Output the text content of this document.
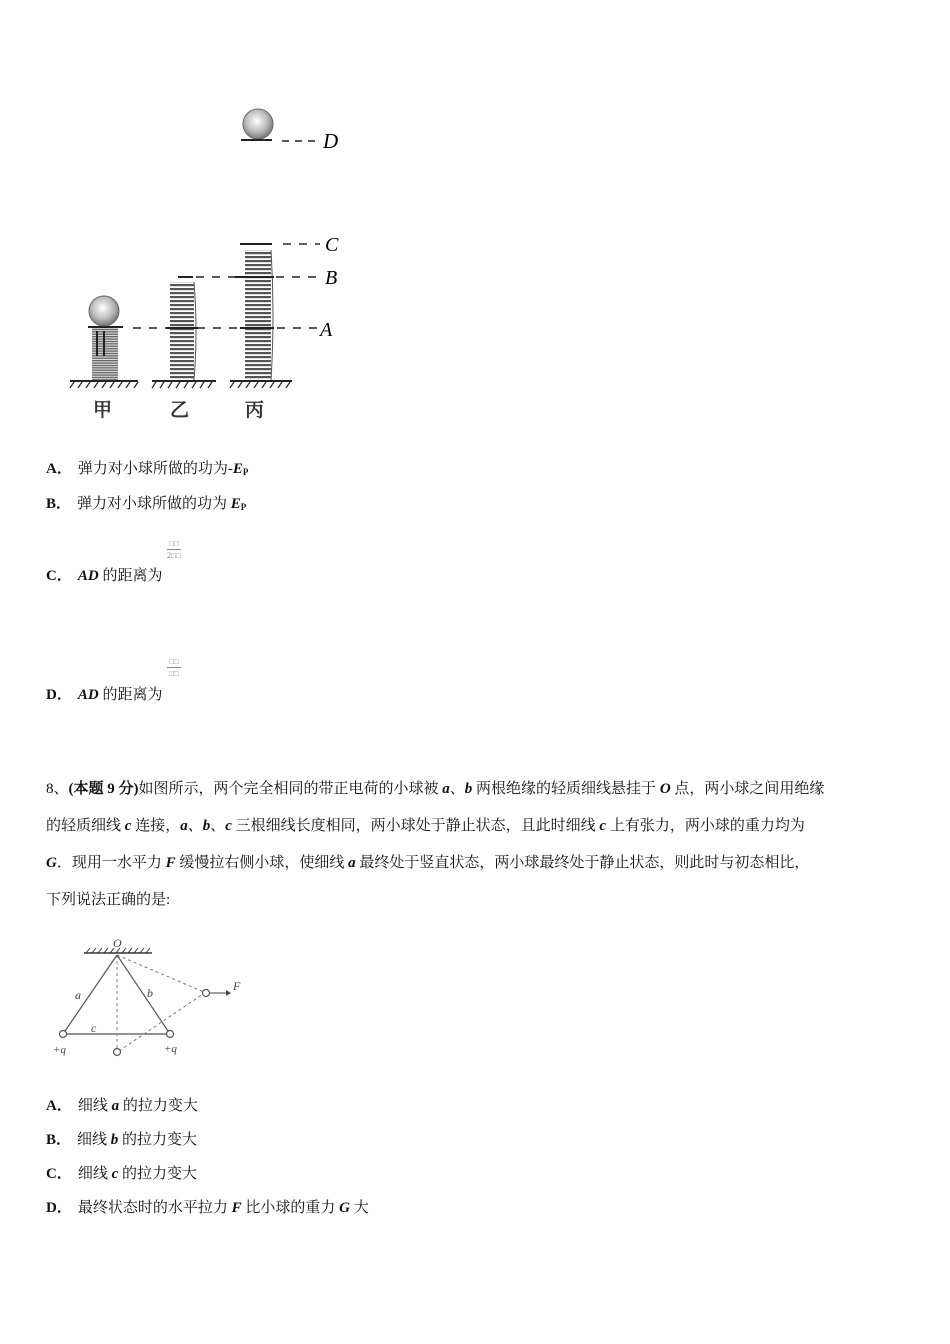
D
C
B
A
甲	乙	丙
A． 弹力对小球所做的功为$-E_P$
B． 弹力对小球所做的功为 $E_P$
C． AD 的距离为
□□
2□□
D． AD 的距离为
□□
□□
8、(本题 9 分)如图所示，两个完全相同的带正电荷的小球被 a、b 两根绝缘的轻质细线悬挂于 O 点，两小球之间用绝缘
的轻质细线 c 连接，a、b、c 三根细线长度相同，两小球处于静止状态，且此时细线 c 上有张力，两小球的重力均为
G．现用一水平力 F 缓慢拉右侧小球，使细线 a 最终处于竖直状态，两小球最终处于静止状态，则此时与初态相比，
下列说法正确的是:
O
F
a	b
c
+q	+q
A． 细线 a 的拉力变大
B． 细线 b 的拉力变大
C． 细线 c 的拉力变大
D． 最终状态时的水平拉力 F 比小球的重力 G 大
